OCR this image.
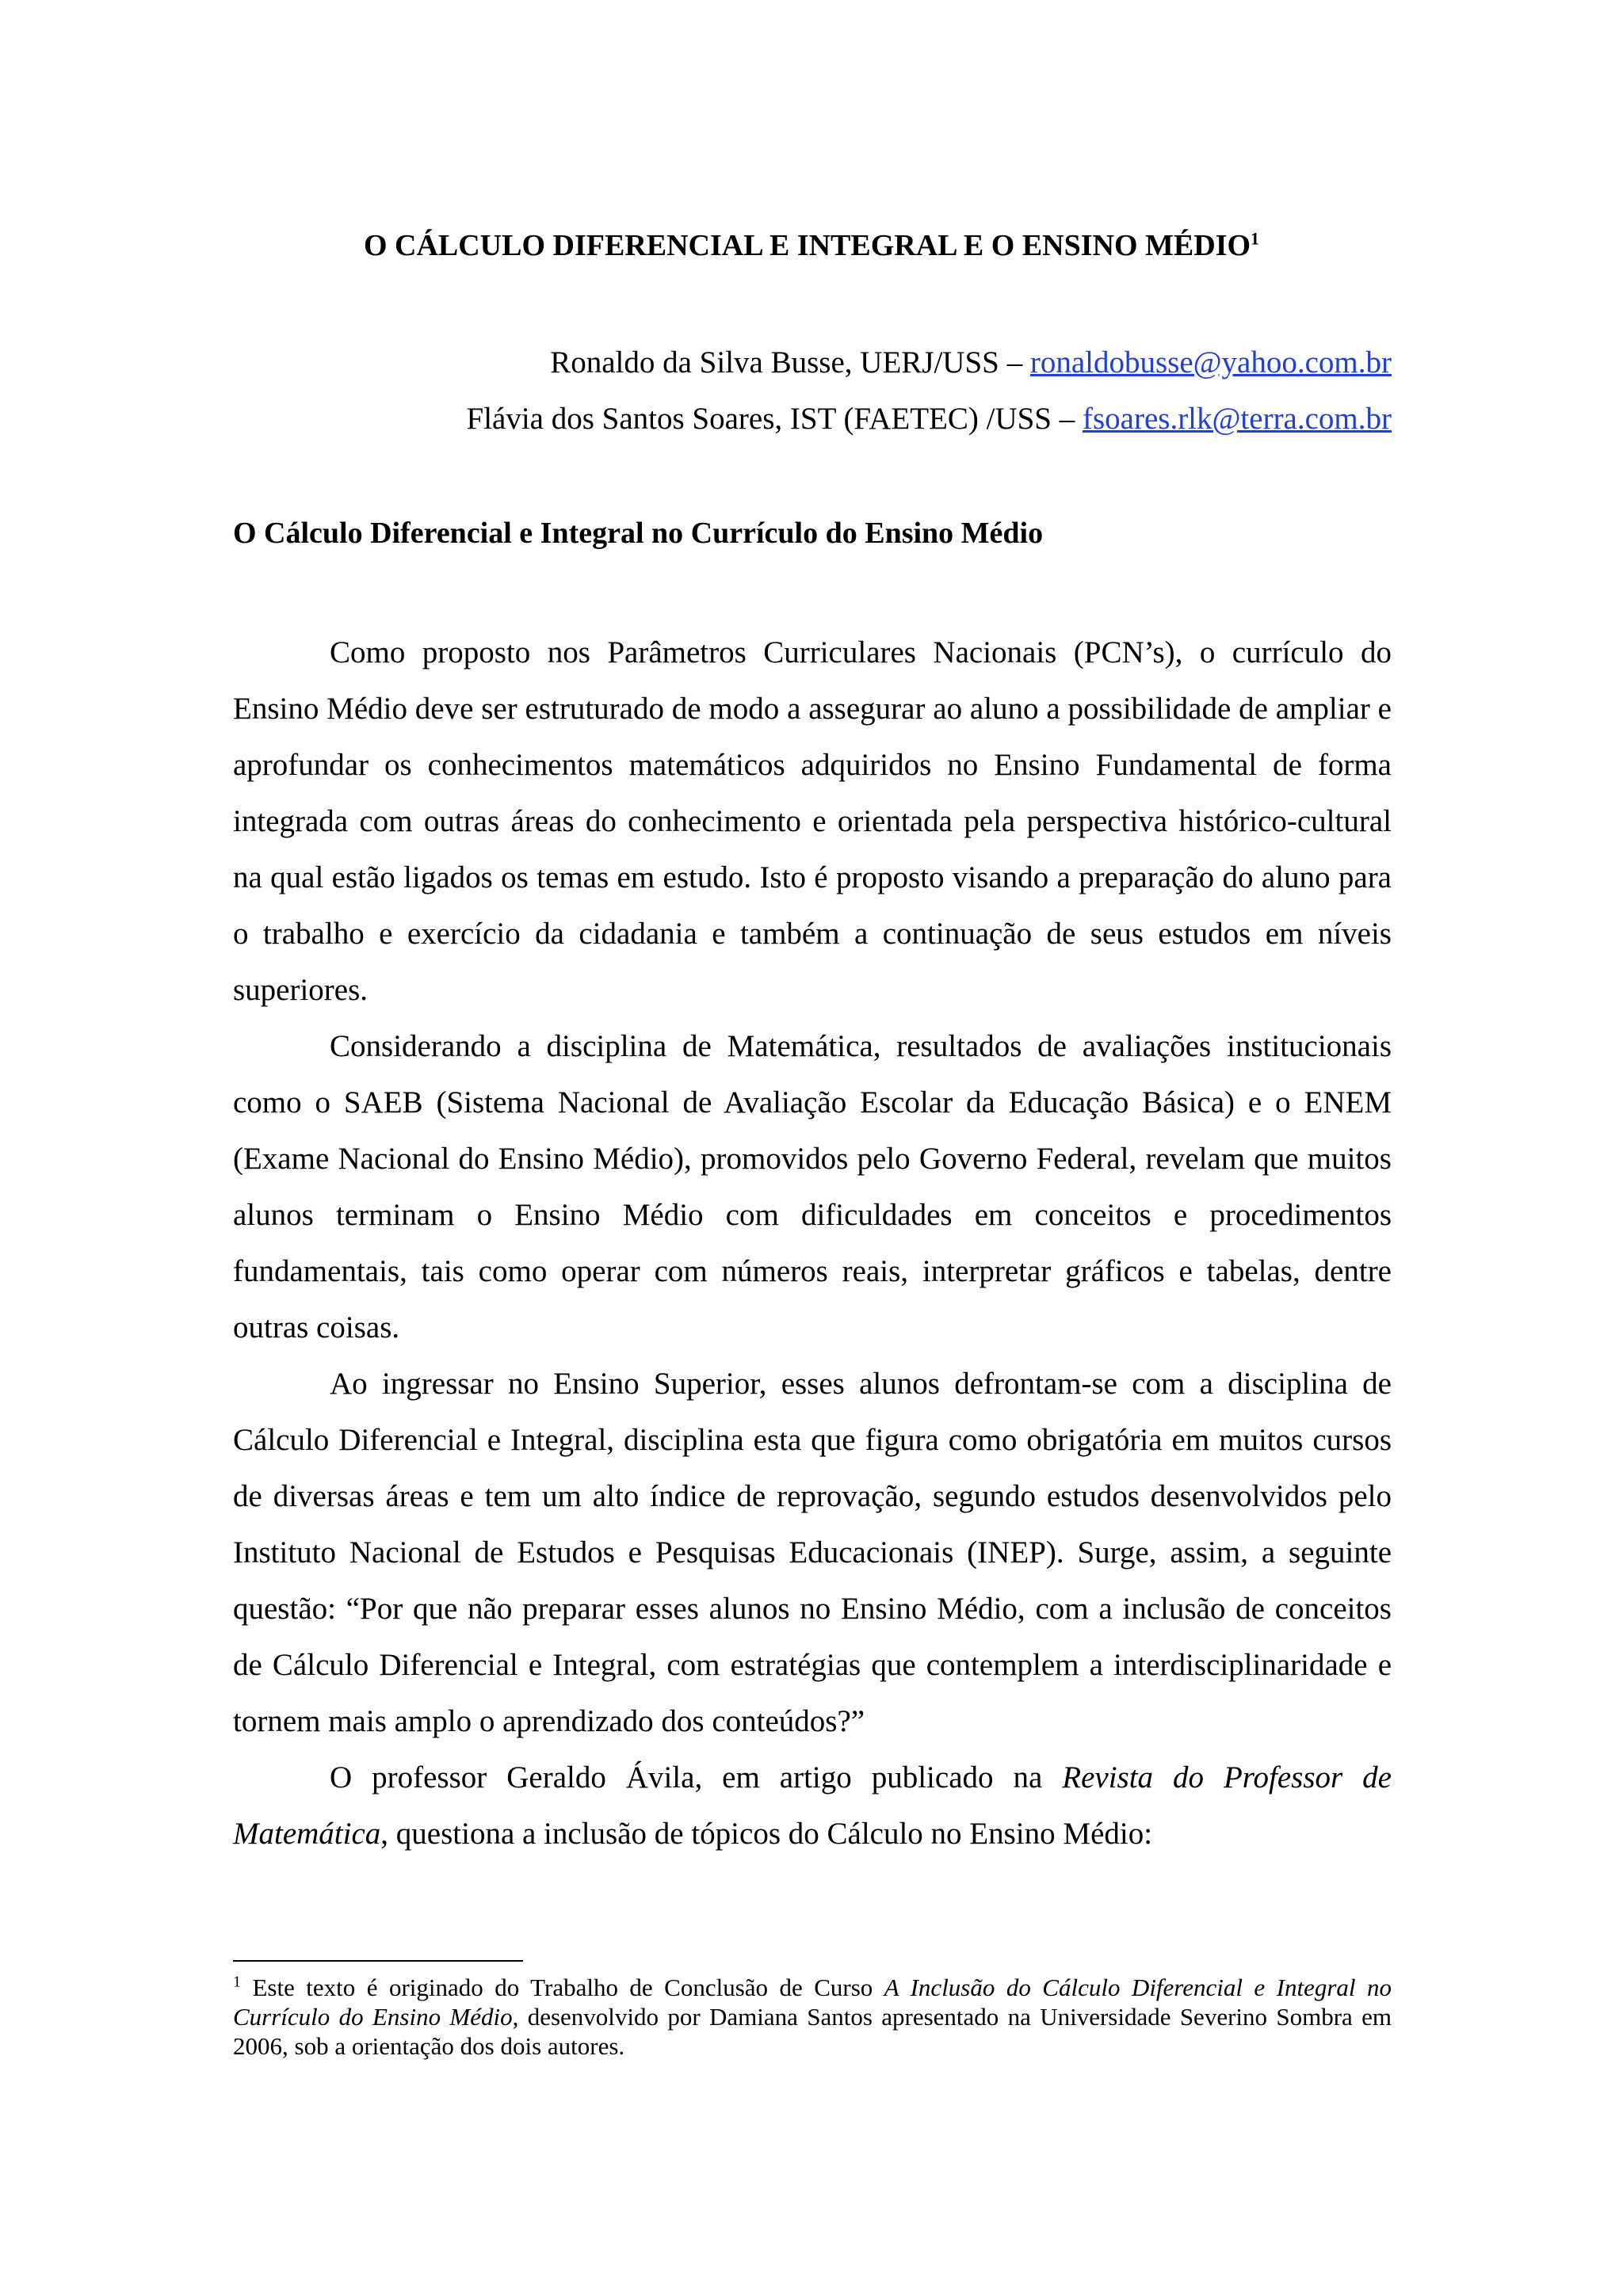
O CÁLCULO DIFERENCIAL E INTEGRAL E O ENSINO MÉDIO$^1$
Ronaldo da Silva Busse, UERJ/USS – ronaldobusse@yahoo.com.br
Flávia dos Santos Soares, IST (FAETEC) /USS – fsoares.rlk@terra.com.br
O Cálculo Diferencial e Integral no Currículo do Ensino Médio

Como proposto nos Parâmetros Curriculares Nacionais (PCN’s), o currículo do Ensino Médio deve ser estruturado de modo a assegurar ao aluno a possibilidade de ampliar e aprofundar os conhecimentos matemáticos adquiridos no Ensino Fundamental de forma integrada com outras áreas do conhecimento e orientada pela perspectiva histórico-cultural na qual estão ligados os temas em estudo. Isto é proposto visando a preparação do aluno para o trabalho e exercício da cidadania e também a continuação de seus estudos em níveis superiores.

Considerando a disciplina de Matemática, resultados de avaliações institucionais como o SAEB (Sistema Nacional de Avaliação Escolar da Educação Básica) e o ENEM (Exame Nacional do Ensino Médio), promovidos pelo Governo Federal, revelam que muitos alunos terminam o Ensino Médio com dificuldades em conceitos e procedimentos fundamentais, tais como operar com números reais, interpretar gráficos e tabelas, dentre outras coisas.

Ao ingressar no Ensino Superior, esses alunos defrontam-se com a disciplina de Cálculo Diferencial e Integral, disciplina esta que figura como obrigatória em muitos cursos de diversas áreas e tem um alto índice de reprovação, segundo estudos desenvolvidos pelo Instituto Nacional de Estudos e Pesquisas Educacionais (INEP). Surge, assim, a seguinte questão: “Por que não preparar esses alunos no Ensino Médio, com a inclusão de conceitos de Cálculo Diferencial e Integral, com estratégias que contemplem a interdisciplinaridade e tornem mais amplo o aprendizado dos conteúdos?”

O professor Geraldo Ávila, em artigo publicado na Revista do Professor de Matemática, questiona a inclusão de tópicos do Cálculo no Ensino Médio:

$^1$ Este texto é originado do Trabalho de Conclusão de Curso A Inclusão do Cálculo Diferencial e Integral no Currículo do Ensino Médio, desenvolvido por Damiana Santos apresentado na Universidade Severino Sombra em 2006, sob a orientação dos dois autores.
